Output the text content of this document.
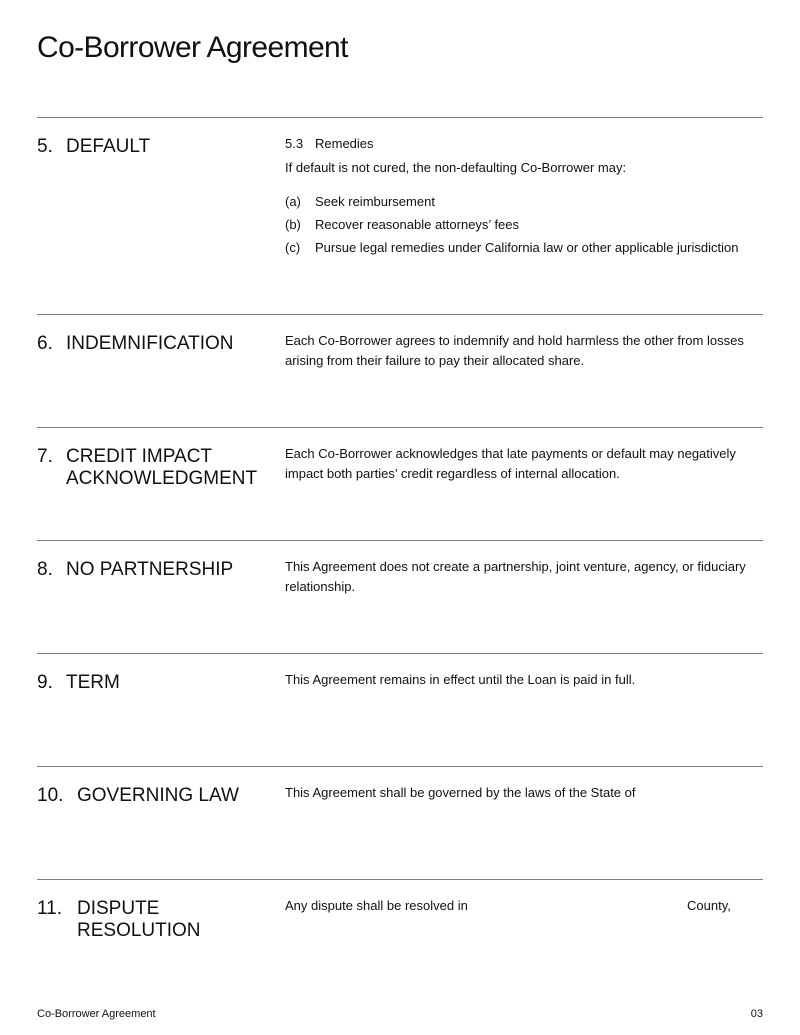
Co-Borrower Agreement
5. DEFAULT	5.3 Remedies
If default is not cured, the non-defaulting Co-Borrower may:
(a)	Seek reimbursement
(b)	Recover reasonable attorneys’ fees
(c)	Pursue legal remedies under California law or other applicable jurisdiction
6. INDEMNIFICATION	Each Co-Borrower agrees to indemnify and hold harmless the other from losses arising from their failure to pay their allocated share.
7. CREDIT IMPACT
ACKNOWLEDGMENT
Each Co-Borrower acknowledges that late payments or default may negatively impact both parties’ credit regardless of internal allocation.
8. NO PARTNERSHIP	This Agreement does not create a partnership, joint venture, agency, or fiduciary relationship.
9. TERM	This Agreement remains in effect until the Loan is paid in full.
10. GOVERNING LAW	This Agreement shall be governed by the laws of the State of
11. DISPUTE
RESOLUTION
Any dispute shall be resolved in	County,
Co-Borrower Agreement	03
